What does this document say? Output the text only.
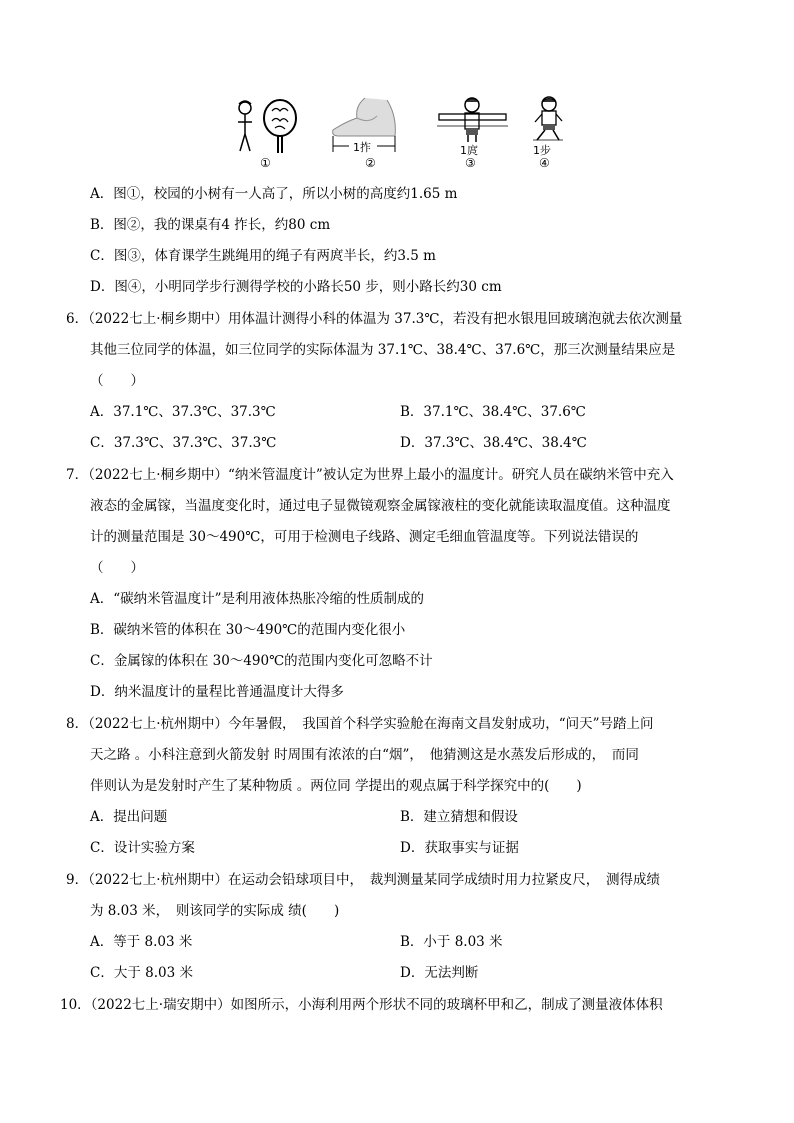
①
1拃
②
1庹
③
1步
④
A．图①，校园的小树有一人高了，所以小树的高度约1.65 m
B．图②，我的课桌有4 拃长，约80 cm
C．图③，体育课学生跳绳用的绳子有两庹半长，约3.5 m
D．图④，小明同学步行测得学校的小路长50 步，则小路长约30 cm
6．（2022七上·桐乡期中）用体温计测得小科的体温为 37.3℃，若没有把水银甩回玻璃泡就去依次测量
其他三位同学的体温，如三位同学的实际体温为 37.1℃、38.4℃、37.6℃，那三次测量结果应是
（　　）
A．37.1℃、37.3℃、37.3℃	B．37.1℃、38.4℃、37.6℃
C．37.3℃、37.3℃、37.3℃	D．37.3℃、38.4℃、38.4℃
7．（2022七上·桐乡期中）“纳米管温度计”被认定为世界上最小的温度计。研究人员在碳纳米管中充入
液态的金属镓，当温度变化时，通过电子显微镜观察金属镓液柱的变化就能读取温度值。这种温度
计的测量范围是 30～490℃，可用于检测电子线路、测定毛细血管温度等。下列说法错误的
（　　）
A．“碳纳米管温度计”是利用液体热胀冷缩的性质制成的
B．碳纳米管的体积在 30～490℃的范围内变化很小
C．金属镓的体积在 30～490℃的范围内变化可忽略不计
D．纳米温度计的量程比普通温度计大得多
8．（2022七上·杭州期中）今年暑假，　我国首个科学实验舱在海南文昌发射成功，“问天”号踏上问
天之路 。小科注意到火箭发射 时周围有浓浓的白“烟”，　他猜测这是水蒸发后形成的，　而同
伴则认为是发射时产生了某种物质 。两位同 学提出的观点属于科学探究中的(　　)
A．提出问题	B．建立猜想和假设
C．设计实验方案	D．获取事实与证据
9．（2022七上·杭州期中）在运动会铅球项目中，　裁判测量某同学成绩时用力拉紧皮尺，　测得成绩
为 8.03 米，　则该同学的实际成 绩(　　)
A．等于 8.03 米	B．小于 8.03 米
C．大于 8.03 米	D．无法判断
10．（2022七上·瑞安期中）如图所示，小海利用两个形状不同的玻璃杯甲和乙，制成了测量液体体积
